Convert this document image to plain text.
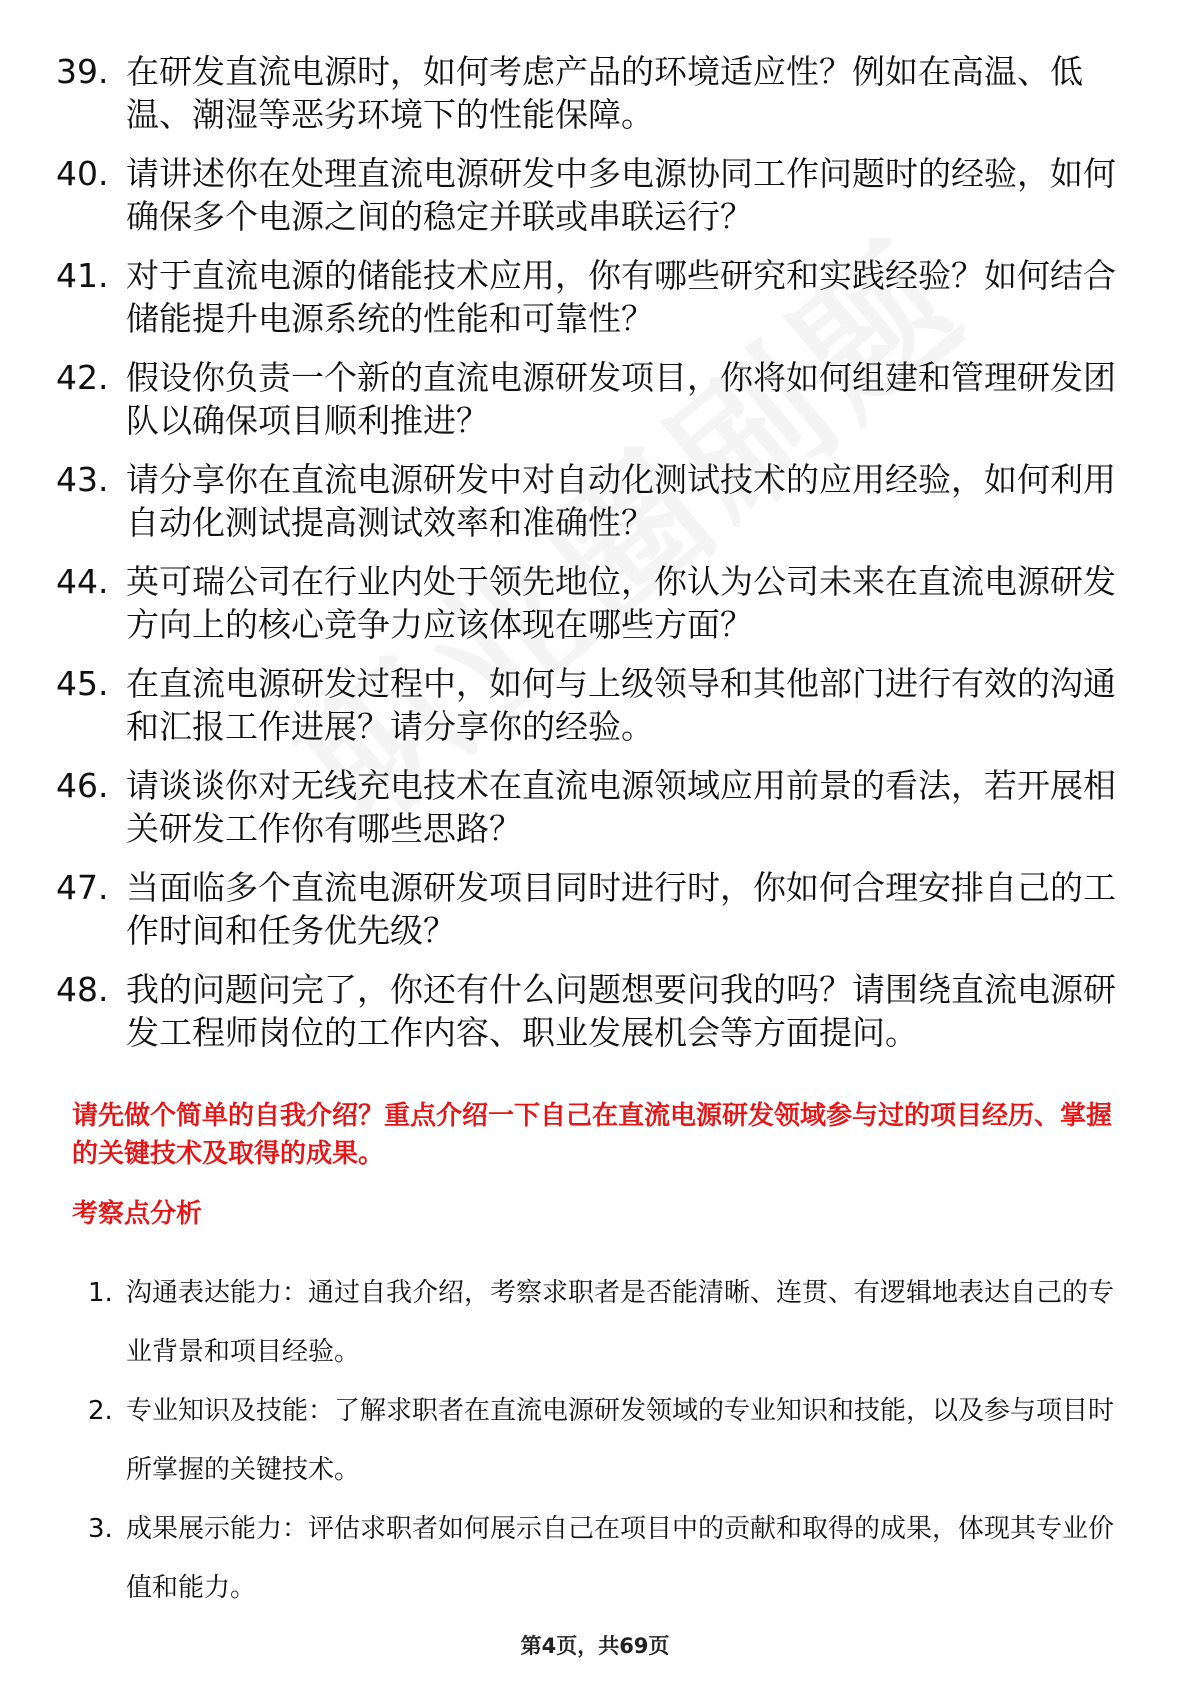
39. 在研发直流电源时，如何考虑产品的环境适应性？例如在高温、低温、潮湿等恶劣环境下的性能保障。
40. 请讲述你在处理直流电源研发中多电源协同工作问题时的经验，如何确保多个电源之间的稳定并联或串联运行？
41. 对于直流电源的储能技术应用，你有哪些研究和实践经验？如何结合储能提升电源系统的性能和可靠性？
42. 假设你负责一个新的直流电源研发项目，你将如何组建和管理研发团队以确保项目顺利推进？
43. 请分享你在直流电源研发中对自动化测试技术的应用经验，如何利用自动化测试提高测试效率和准确性？
44. 英可瑞公司在行业内处于领先地位，你认为公司未来在直流电源研发方向上的核心竞争力应该体现在哪些方面？
45. 在直流电源研发过程中，如何与上级领导和其他部门进行有效的沟通和汇报工作进展？请分享你的经验。
46. 请谈谈你对无线充电技术在直流电源领域应用前景的看法，若开展相关研发工作你有哪些思路？
47. 当面临多个直流电源研发项目同时进行时，你如何合理安排自己的工作时间和任务优先级？
48. 我的问题问完了，你还有什么问题想要问我的吗？请围绕直流电源研发工程师岗位的工作内容、职业发展机会等方面提问。
请先做个简单的自我介绍？重点介绍一下自己在直流电源研发领域参与过的项目经历、掌握的关键技术及取得的成果。
考察点分析
1. 沟通表达能力：通过自我介绍，考察求职者是否能清晰、连贯、有逻辑地表达自己的专业背景和项目经验。
2. 专业知识及技能：了解求职者在直流电源研发领域的专业知识和技能，以及参与项目时所掌握的关键技术。
3. 成果展示能力：评估求职者如何展示自己在项目中的贡献和取得的成果，体现其专业价值和能力。
第4页，共69页
